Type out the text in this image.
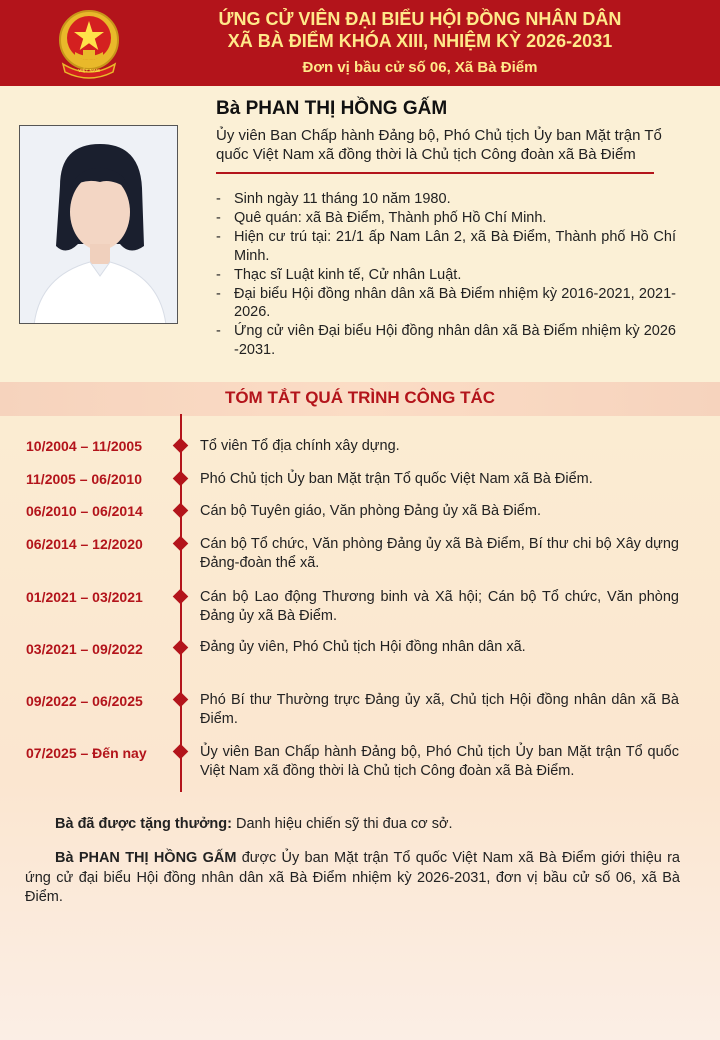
VIỆT NAM
ỨNG CỬ VIÊN ĐẠI BIỂU HỘI ĐỒNG NHÂN DÂN
XÃ BÀ ĐIỂM KHÓA XIII, NHIỆM KỲ 2026-2031
Đơn vị bầu cử số 06, Xã Bà Điểm
Bà PHAN THỊ HỒNG GẤM
Ủy viên Ban Chấp hành Đảng bộ, Phó Chủ tịch Ủy ban Mặt trận Tổ quốc Việt Nam xã đồng thời là Chủ tịch Công đoàn xã Bà Điểm
- Sinh ngày 11 tháng 10 năm 1980.
- Quê quán: xã Bà Điểm, Thành phố Hồ Chí Minh.
- Hiện cư trú tại: 21/1 ấp Nam Lân 2, xã Bà Điểm, Thành phố Hồ Chí Minh.
- Thạc sĩ Luật kinh tế, Cử nhân Luật.
- Đại biểu Hội đồng nhân dân xã Bà Điểm nhiệm kỳ 2016-2021, 2021-2026.
- Ứng cử viên Đại biểu Hội đồng nhân dân xã Bà Điểm nhiệm kỳ 2026 -2031.
TÓM TẮT QUÁ TRÌNH CÔNG TÁC
10/2004 – 11/2005	Tổ viên Tổ địa chính xây dựng.
11/2005 – 06/2010	Phó Chủ tịch Ủy ban Mặt trận Tổ quốc Việt Nam xã Bà Điểm.
06/2010 – 06/2014	Cán bộ Tuyên giáo, Văn phòng Đảng ủy xã Bà Điểm.
06/2014 – 12/2020	Cán bộ Tổ chức, Văn phòng Đảng ủy xã Bà Điểm, Bí thư chi bộ Xây dựng Đảng-đoàn thể xã.
01/2021 – 03/2021	Cán bộ Lao động Thương binh và Xã hội; Cán bộ Tổ chức, Văn phòng Đảng ủy xã Bà Điểm.
03/2021 – 09/2022	Đảng ủy viên, Phó Chủ tịch Hội đồng nhân dân xã.
09/2022 – 06/2025	Phó Bí thư Thường trực Đảng ủy xã, Chủ tịch Hội đồng nhân dân xã Bà Điểm.
07/2025 – Đến nay	Ủy viên Ban Chấp hành Đảng bộ, Phó Chủ tịch Ủy ban Mặt trận Tổ quốc Việt Nam xã đồng thời là Chủ tịch Công đoàn xã Bà Điểm.
Bà đã được tặng thưởng: Danh hiệu chiến sỹ thi đua cơ sở.
Bà PHAN THỊ HỒNG GẤM được Ủy ban Mặt trận Tổ quốc Việt Nam xã Bà Điểm giới thiệu ra ứng cử đại biểu Hội đồng nhân dân xã Bà Điểm nhiệm kỳ 2026-2031, đơn vị bầu cử số 06, xã Bà Điểm.
